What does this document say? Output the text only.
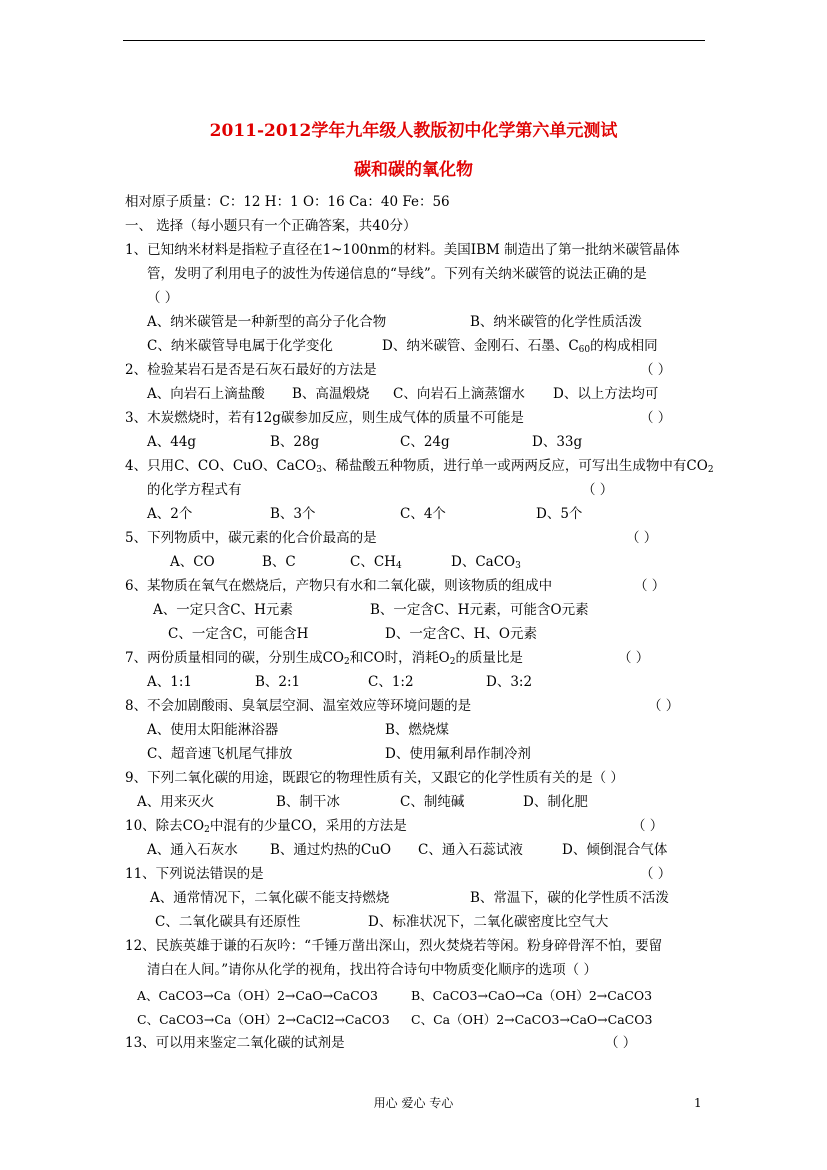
2011-2012学年九年级人教版初中化学第六单元测试
碳和碳的氧化物
相对原子质量：C：12 H：1 O：16 Ca：40 Fe：56
一、 选择（每小题只有一个正确答案，共40分）
1、已知纳米材料是指粒子直径在1~100nm的材料。美国IBM 制造出了第一批纳米碳管晶体
管，发明了利用电子的波性为传递信息的“导线”。下列有关纳米碳管的说法正确的是
（ ）
A、纳米碳管是一种新型的高分子化合物	B、纳米碳管的化学性质活泼
C、纳米碳管导电属于化学变化	D、纳米碳管、金刚石、石墨、$C_{60}$的构成相同
2、检验某岩石是否是石灰石最好的方法是	（ ）
A、向岩石上滴盐酸 B、高温煅烧 C、向岩石上滴蒸馏水 D、以上方法均可
3、木炭燃烧时，若有12g碳参加反应，则生成气体的质量不可能是	（ ）
A、44g	B、28g	C、24g	D、33g
4、只用C、CO、CuO、CaCO$_3$、稀盐酸五种物质，进行单一或两两反应，可写出生成物中有$CO_2$
的化学方程式有	（ ）
A、2个	B、3个	C、4个	D、5个
5、下列物质中，碳元素的化合价最高的是	（ ）
A、CO	B、C	C、$CH_4$	D、CaCO$_3$
6、某物质在氧气在燃烧后，产物只有水和二氧化碳，则该物质的组成中	（ ）
A、一定只含C、H元素	B、一定含C、H元素，可能含O元素
C、一定含C，可能含H	D、一定含C、H、O元素
7、两份质量相同的碳，分别生成$CO_2$和CO时，消耗$O_2$的质量比是	（ ）
A、1:1	B、2:1	C、1:2	D、3:2
8、不会加剧酸雨、臭氧层空洞、温室效应等环境问题的是	（ ）
A、使用太阳能淋浴器	B、燃烧煤
C、超音速飞机尾气排放	D、使用氟利昂作制冷剂
9、下列二氧化碳的用途，既跟它的物理性质有关，又跟它的化学性质有关的是（ ）
A、用来灭火	B、制干冰	C、制纯碱	D、制化肥
10、除去$CO_2$中混有的少量CO，采用的方法是	（ ）
A、通入石灰水 B、通过灼热的CuO C、通入石蕊试液	D、倾倒混合气体
11、下列说法错误的是	（ ）
A、通常情况下，二氧化碳不能支持燃烧	B、常温下，碳的化学性质不活泼
C、二氧化碳具有还原性	D、标准状况下，二氧化碳密度比空气大
12、民族英雄于谦的石灰吟：“千锤万凿出深山，烈火焚烧若等闲。粉身碎骨浑不怕，要留
清白在人间。”请你从化学的视角，找出符合诗句中物质变化顺序的选项（ ）
A、CaCO3→Ca（OH）2→CaO→CaCO3	B、CaCO3→CaO→Ca（OH）2→CaCO3
C、CaCO3→Ca（OH）2→CaCl2→CaCO3 C、Ca（OH）2→CaCO3→CaO→CaCO3
13、可以用来鉴定二氧化碳的试剂是	（ ）
用心 爱心 专心	1
